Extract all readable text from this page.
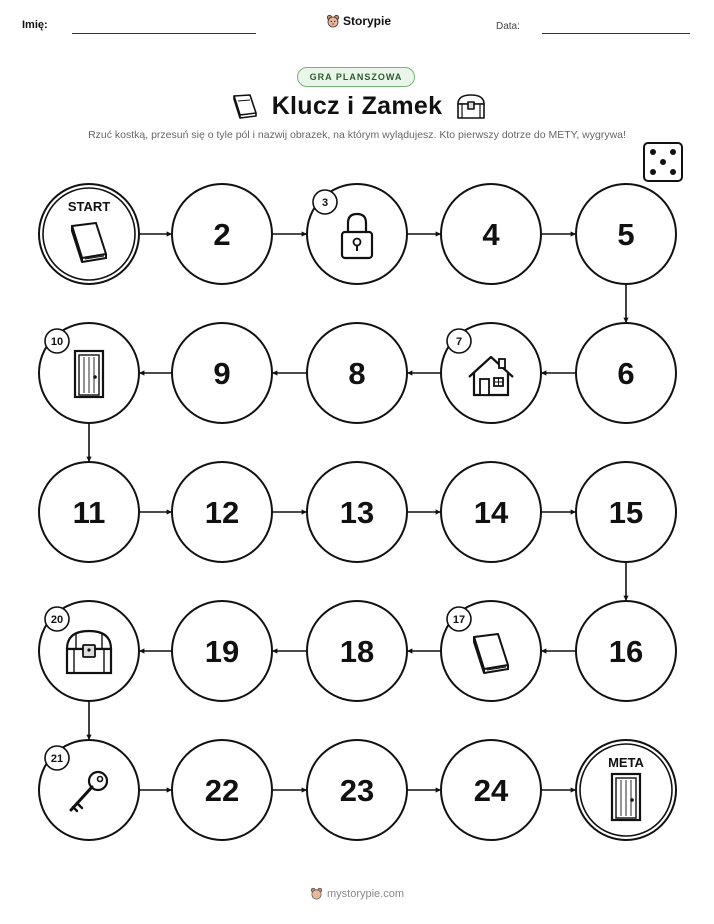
Imię:	Storypie	Data:
GRA PLANSZOWA
Klucz i Zamek
Rzuć kostką, przesuń się o tyle pól i nazwij obrazek, na którym wylądujesz. Kto pierwszy dotrze do METY, wygrywa!
START
2
3
4	5
6
7
8
9
10
11	12	13	14	15
16
17
18
19
20
21
22	23	24
META
mystorypie.com
